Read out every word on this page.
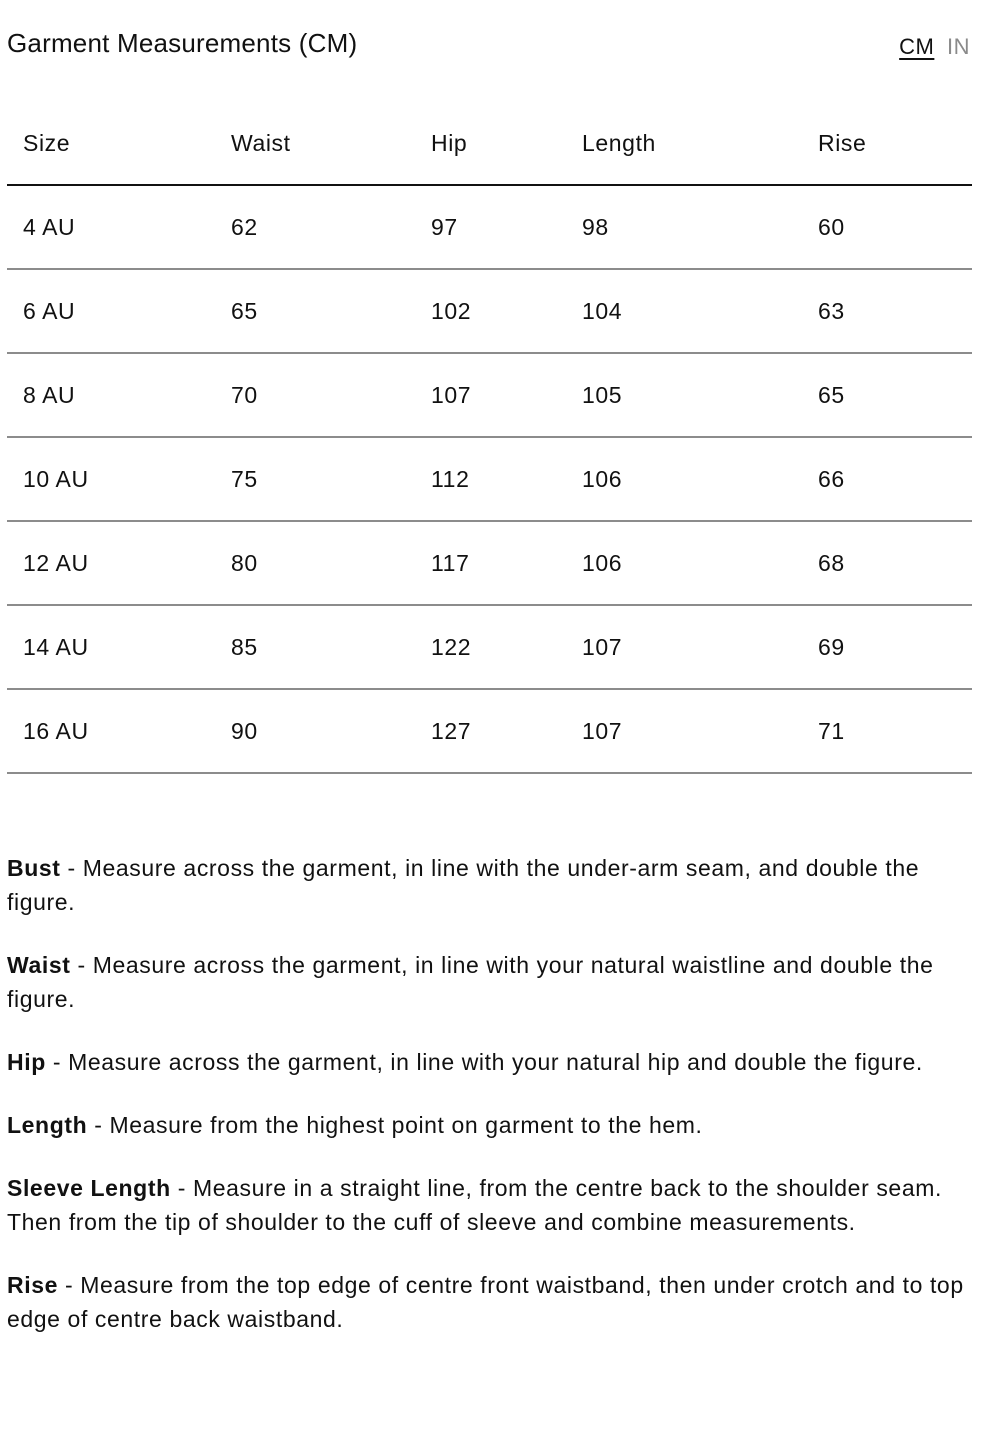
Garment Measurements (CM)	CM IN
Size	Waist	Hip	Length	Rise
4 AU	62	97	98	60
6 AU	65	102	104	63
8 AU	70	107	105	65
10 AU	75	112	106	66
12 AU	80	117	106	68
14 AU	85	122	107	69
16 AU	90	127	107	71

Bust - Measure across the garment, in line with the under-arm seam, and double the figure.

Waist - Measure across the garment, in line with your natural waistline and double the figure.

Hip - Measure across the garment, in line with your natural hip and double the figure.

Length - Measure from the highest point on garment to the hem.

Sleeve Length - Measure in a straight line, from the centre back to the shoulder seam. Then from the tip of shoulder to the cuff of sleeve and combine measurements.

Rise - Measure from the top edge of centre front waistband, then under crotch and to top edge of centre back waistband.
